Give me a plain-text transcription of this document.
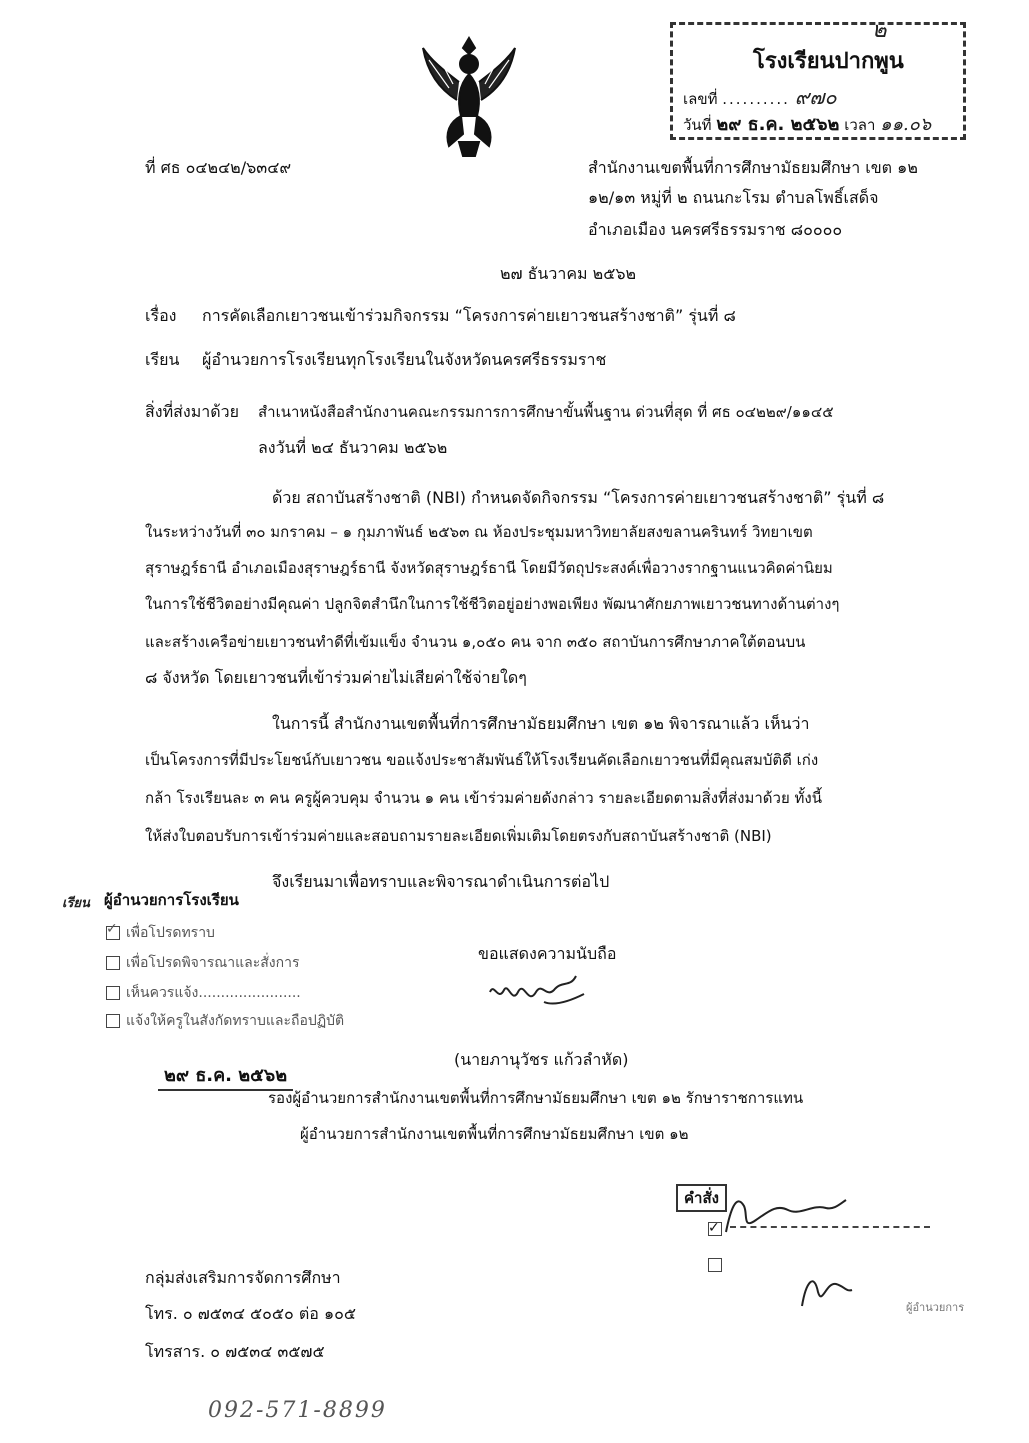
๒
โรงเรียนปากพูน
เลขที่ .......... ๙๗๐
วันที่ ๒๙ ธ.ค. ๒๕๖๒ เวลา ๑๑.๐๖
ที่ ศธ ๐๔๒๔๒/๖๓๔๙	สำนักงานเขตพื้นที่การศึกษามัธยมศึกษา เขต ๑๒
๑๒/๑๓ หมู่ที่ ๒ ถนนกะโรม ตำบลโพธิ์เสด็จ
อำเภอเมือง นครศรีธรรมราช ๘๐๐๐๐
๒๗ ธันวาคม ๒๕๖๒
เรื่อง การคัดเลือกเยาวชนเข้าร่วมกิจกรรม “โครงการค่ายเยาวชนสร้างชาติ” รุ่นที่ ๘
เรียน ผู้อำนวยการโรงเรียนทุกโรงเรียนในจังหวัดนครศรีธรรมราช
สิ่งที่ส่งมาด้วย สำเนาหนังสือสำนักงานคณะกรรมการการศึกษาขั้นพื้นฐาน ด่วนที่สุด ที่ ศธ ๐๔๒๒๙/๑๑๔๕
ลงวันที่ ๒๔ ธันวาคม ๒๕๖๒
ด้วย สถาบันสร้างชาติ (NBI) กำหนดจัดกิจกรรม “โครงการค่ายเยาวชนสร้างชาติ” รุ่นที่ ๘
ในระหว่างวันที่ ๓๐ มกราคม – ๑ กุมภาพันธ์ ๒๕๖๓ ณ ห้องประชุมมหาวิทยาลัยสงขลานครินทร์ วิทยาเขต
สุราษฎร์ธานี อำเภอเมืองสุราษฎร์ธานี จังหวัดสุราษฎร์ธานี โดยมีวัตถุประสงค์เพื่อวางรากฐานแนวคิดค่านิยม
ในการใช้ชีวิตอย่างมีคุณค่า ปลูกจิตสำนึกในการใช้ชีวิตอยู่อย่างพอเพียง พัฒนาศักยภาพเยาวชนทางด้านต่างๆ
และสร้างเครือข่ายเยาวชนทำดีที่เข้มแข็ง จำนวน ๑,๐๕๐ คน จาก ๓๕๐ สถาบันการศึกษาภาคใต้ตอนบน
๘ จังหวัด โดยเยาวชนที่เข้าร่วมค่ายไม่เสียค่าใช้จ่ายใดๆ
ในการนี้ สำนักงานเขตพื้นที่การศึกษามัธยมศึกษา เขต ๑๒ พิจารณาแล้ว เห็นว่า
เป็นโครงการที่มีประโยชน์กับเยาวชน ขอแจ้งประชาสัมพันธ์ให้โรงเรียนคัดเลือกเยาวชนที่มีคุณสมบัติดี เก่ง
กล้า โรงเรียนละ ๓ คน ครูผู้ควบคุม จำนวน ๑ คน เข้าร่วมค่ายดังกล่าว รายละเอียดตามสิ่งที่ส่งมาด้วย ทั้งนี้
ให้ส่งใบตอบรับการเข้าร่วมค่ายและสอบถามรายละเอียดเพิ่มเติมโดยตรงกับสถาบันสร้างชาติ (NBI)
จึงเรียนมาเพื่อทราบและพิจารณาดำเนินการต่อไป
เรียน ผู้อำนวยการโรงเรียน
✓เพื่อโปรดทราบ
เพื่อโปรดพิจารณาและสั่งการ
เห็นควรแจ้ง.......................
แจ้งให้ครูในสังกัดทราบและถือปฏิบัติ
๒๙ ธ.ค. ๒๕๖๒
ขอแสดงความนับถือ
(นายภานุวัชร แก้วลำหัด)
รองผู้อำนวยการสำนักงานเขตพื้นที่การศึกษามัธยมศึกษา เขต ๑๒ รักษาราชการแทน
ผู้อำนวยการสำนักงานเขตพื้นที่การศึกษามัธยมศึกษา เขต ๑๒
คำสั่ง
✓
ผู้อำนวยการ
กลุ่มส่งเสริมการจัดการศึกษา
โทร. ๐ ๗๕๓๔ ๕๐๕๐ ต่อ ๑๐๕
โทรสาร. ๐ ๗๕๓๔ ๓๕๗๕
092-571-8899
